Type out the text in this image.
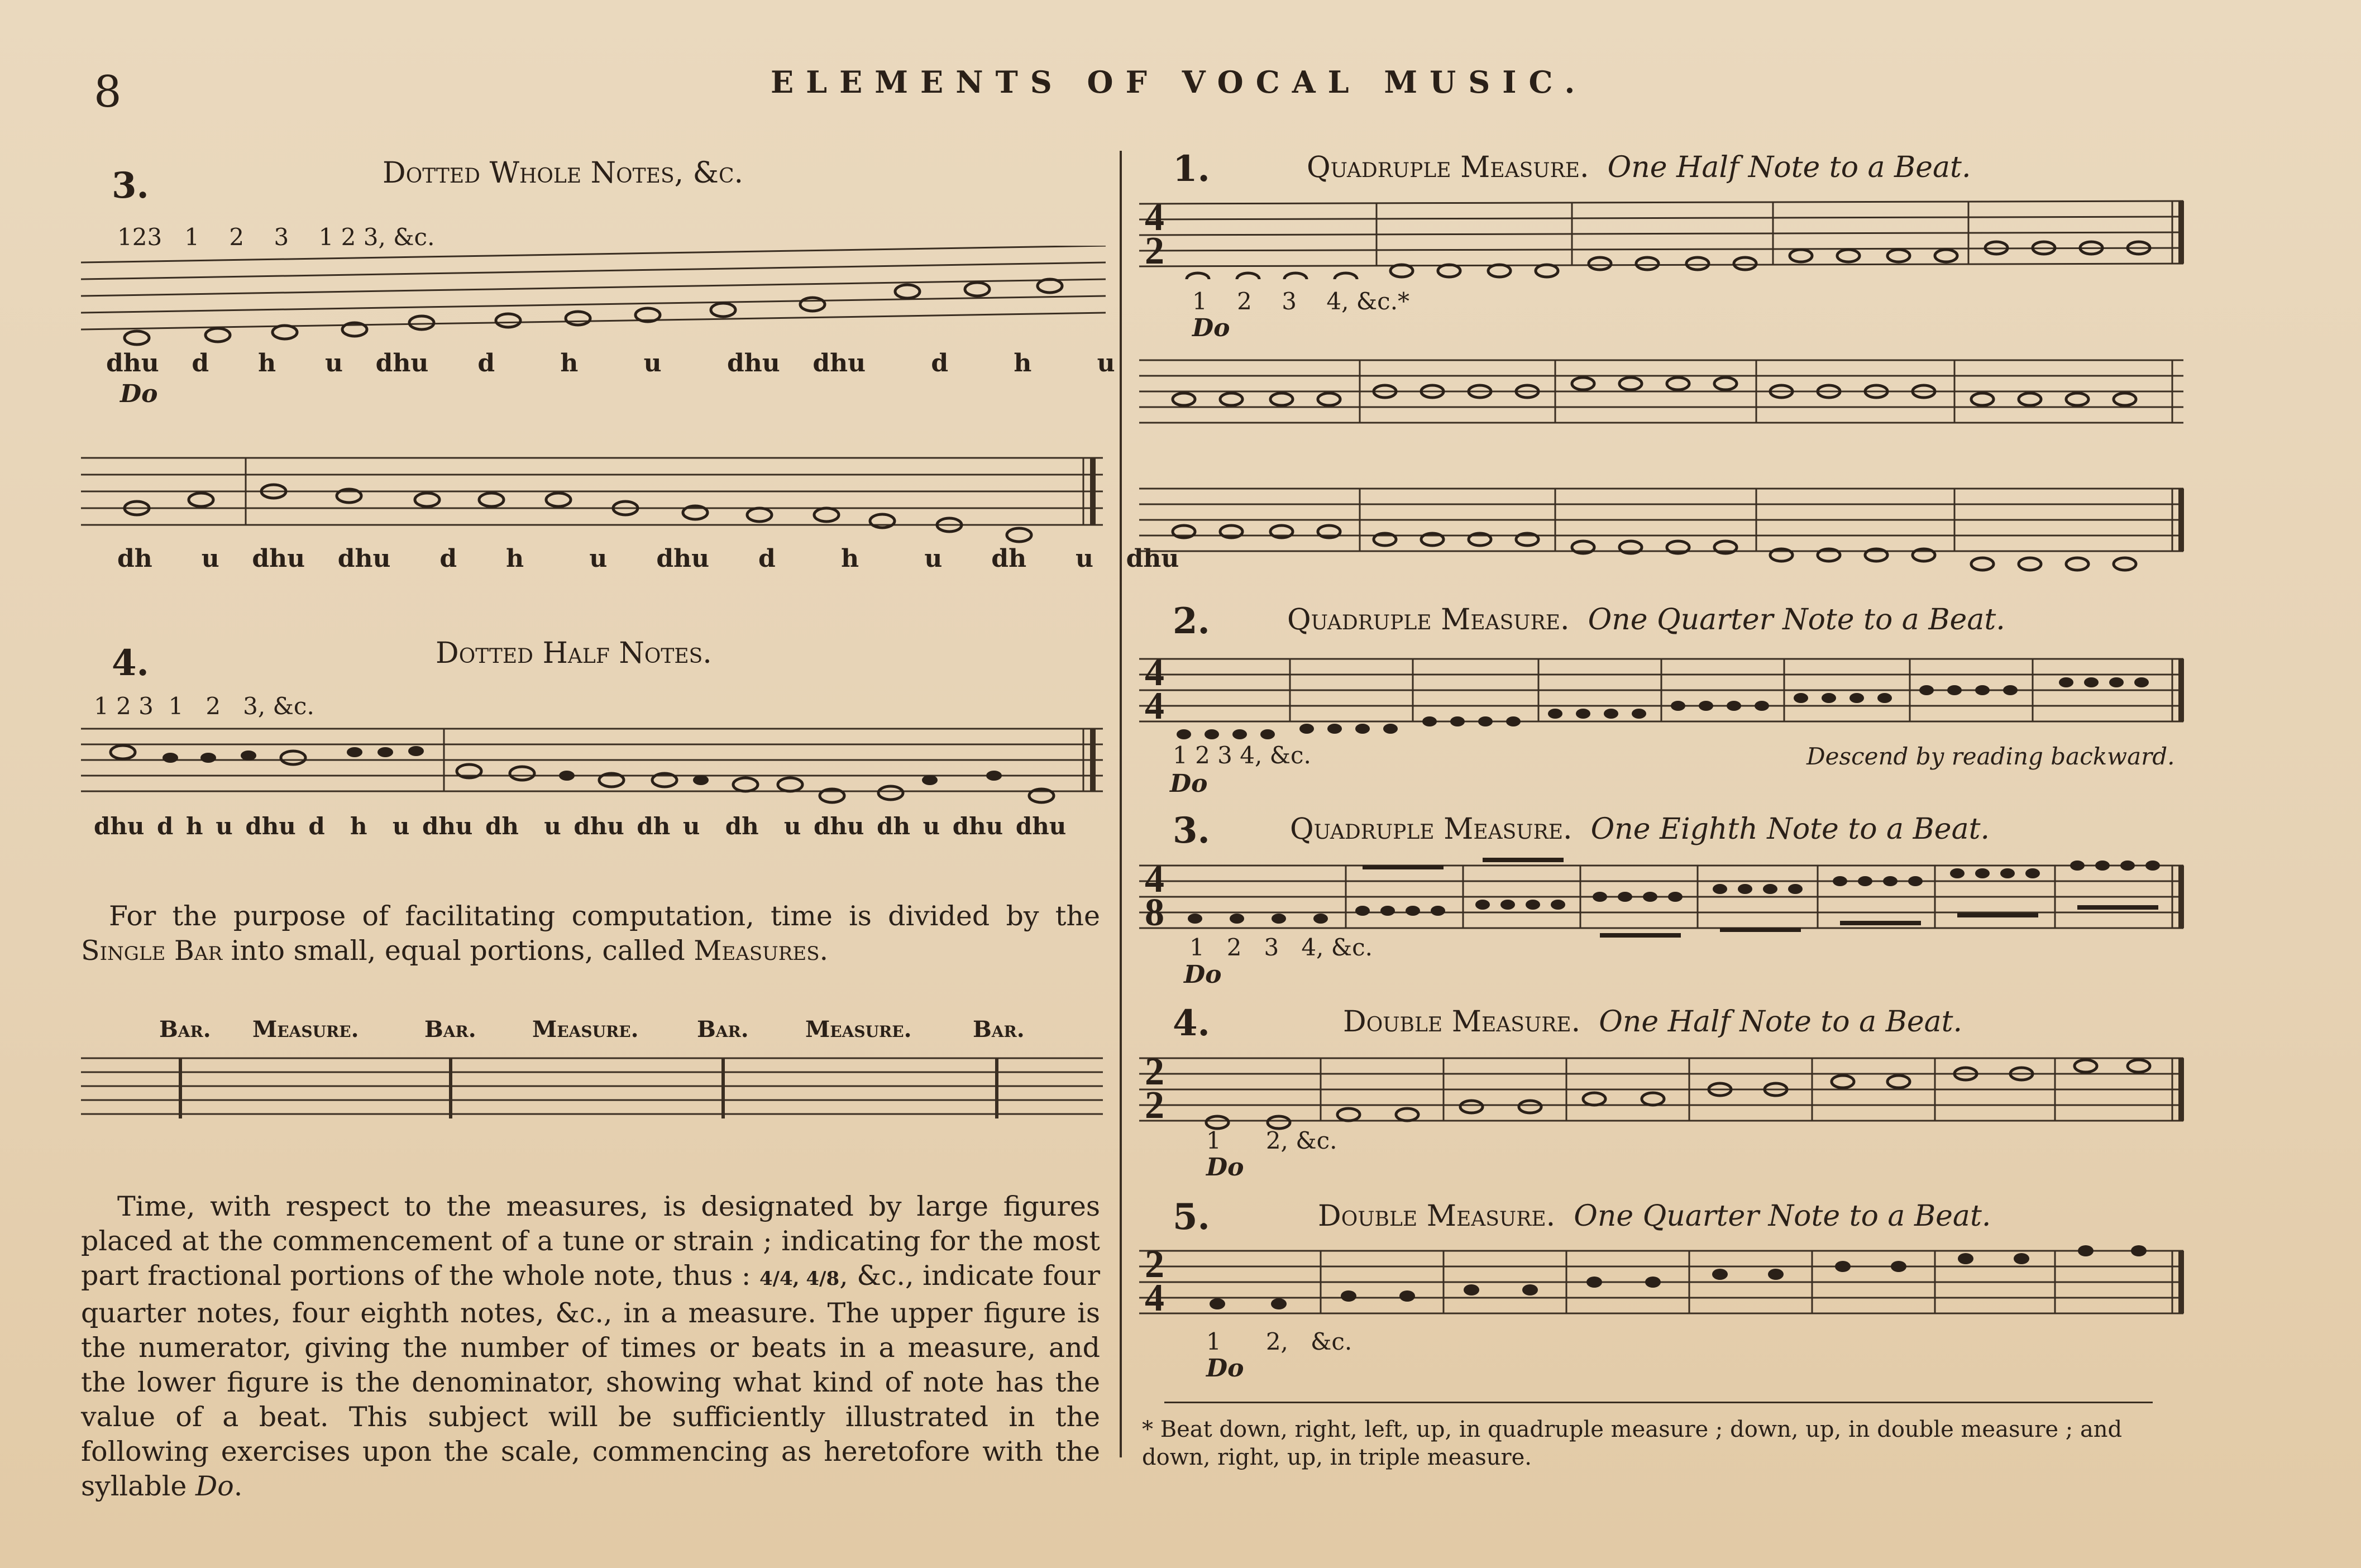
8	ELEMENTS OF VOCAL MUSIC.
3.	Dotted Whole Notes, &c.
123   1    2    3    1 2 3, &c.
dhu  d   h   u  dhu   d    h    u    dhu  dhu    d    h    u
Do
dh   u  dhu  dhu   d   h    u   dhu   d    h    u   dh   u  dhu
4.	Dotted Half Notes.
1 2 3  1   2   3, &c.
dhu d h u dhu d  h  u dhu dh  u dhu dh u  dh  u dhu dh u dhu dhu
For the purpose of facilitating computation, time is divided by the Single Bar into small, equal portions, called Measures.
Bar. Measure.	Bar.	Measure.	Bar.	Measure.	Bar.
Time, with respect to the measures, is designated by large figures placed at the commencement of a tune or strain ; indicating for the most part fractional portions of the whole note, thus : 4/4, 4/8, &c., indicate four quarter notes, four eighth notes, &c., in a measure. The upper figure is the numerator, giving the number of times or beats in a measure, and the lower figure is the denominator, showing what kind of note has the value of a beat. This subject will be sufficiently illustrated in the following exercises upon the scale, commencing as heretofore with the syllable Do.
1.	Quadruple Measure. One Half Note to a Beat.
4
2
1    2    3    4, &c.*
Do
2.	Quadruple Measure. One Quarter Note to a Beat.
4
4
1 2 3 4, &c.	Descend by reading backward.
Do
3.	Quadruple Measure. One Eighth Note to a Beat.
4
8
1   2   3   4, &c.
Do
4.	Double Measure. One Half Note to a Beat.
2
2
1      2, &c.
Do
5.	Double Measure. One Quarter Note to a Beat.
2
4
1      2,   &c.
Do
* Beat down, right, left, up, in quadruple measure ; down, up, in double measure ; and down, right, up, in triple measure.
